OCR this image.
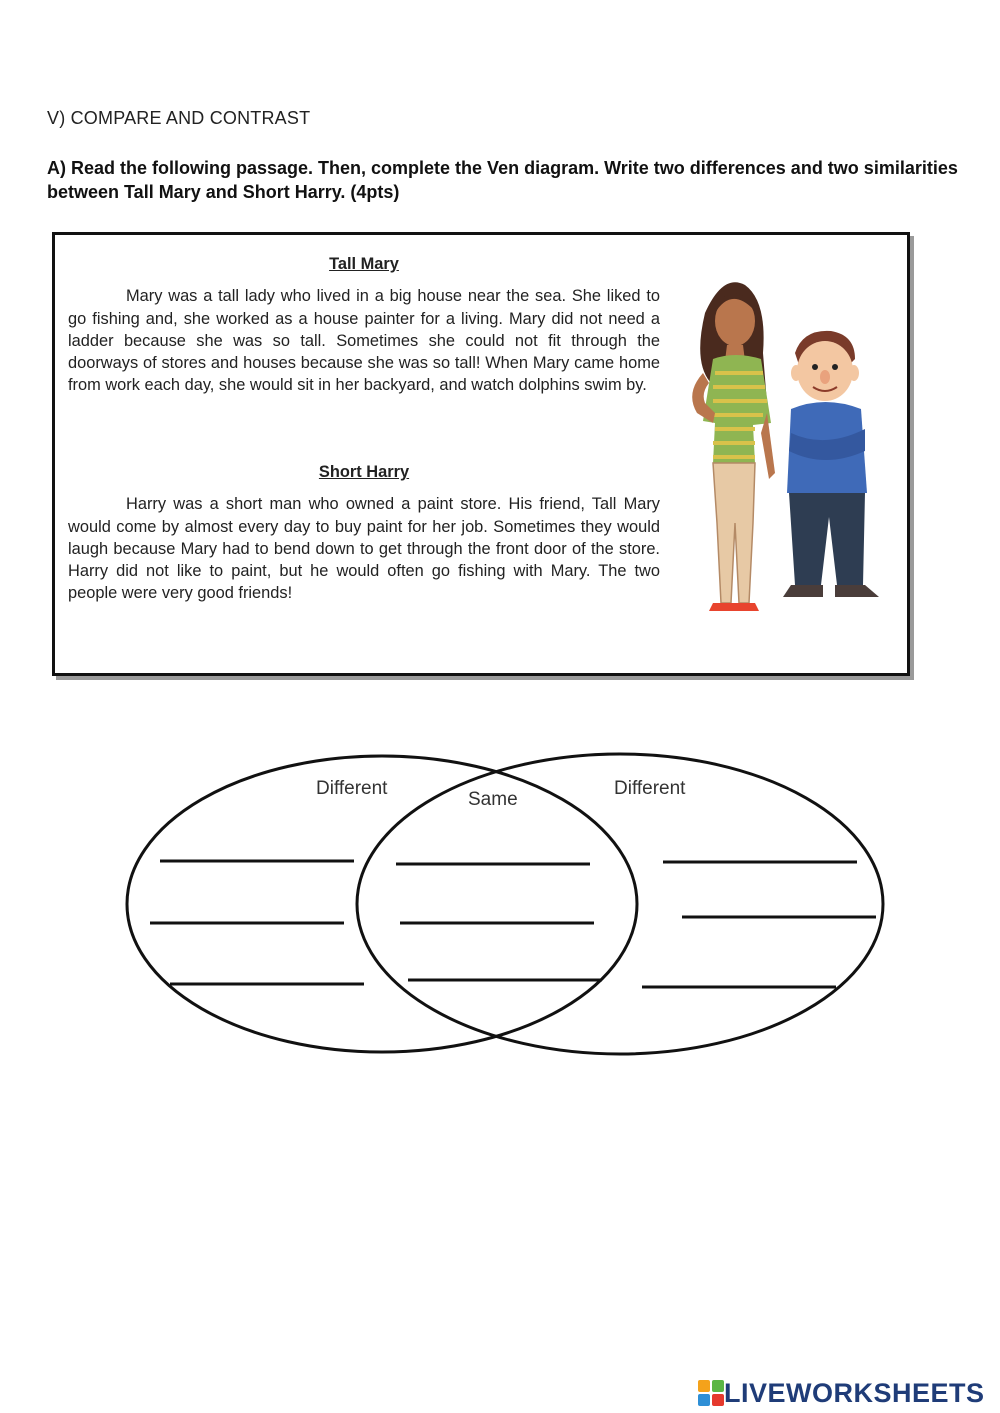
V) COMPARE AND CONTRAST
A) Read the following passage. Then, complete the Ven diagram. Write two differences and two similarities between Tall Mary and Short Harry. (4pts)
Tall Mary

Mary was a tall lady who lived in a big house near the sea. She liked to go fishing and, she worked as a house painter for a living. Mary did not need a ladder because she was so tall. Sometimes she could not fit through the doorways of stores and houses because she was so tall! When Mary came home from work each day, she would sit in her backyard, and watch dolphins swim by.

Short Harry

Harry was a short man who owned a paint store. His friend, Tall Mary would come by almost every day to buy paint for her job. Sometimes they would laugh because Mary had to bend down to get through the front door of the store. Harry did not like to paint, but he would often go fishing with Mary. The two people were very good friends!

Different
Same
Different
LIVEWORKSHEETS
